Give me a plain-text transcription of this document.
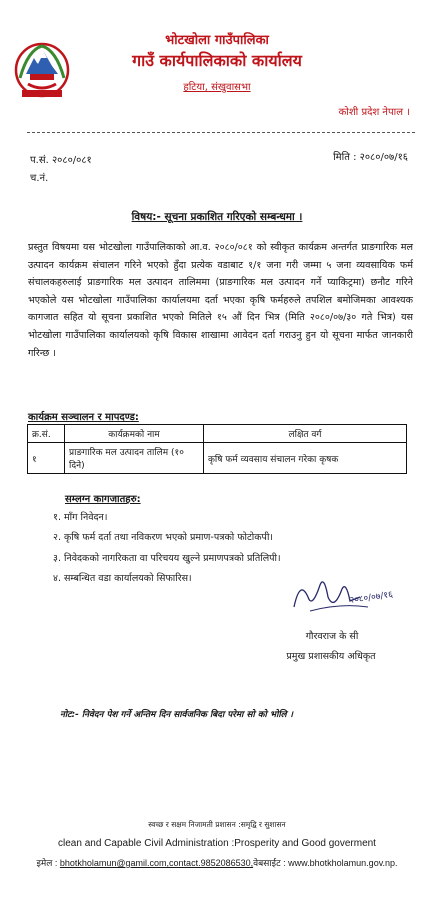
भोटखोला गाउँपालिका
गाउँ कार्यपालिकाको कार्यालय
हटिया, संखुवासभा
कोशी प्रदेश नेपाल ।
प.सं. २०८०/०८१
च.नं.
मिति : २०८०/०७/१६
विषय:- सूचना प्रकाशित गरिएको सम्बन्धमा ।
प्रस्तुत विषयमा यस भोटखोला गाउँपालिकाको आ.व. २०८०/०८१ को स्वीकृत कार्यक्रम अन्तर्गत प्राङगारिक मल उत्पादन कार्यक्रम संचालन गरिने भएको हुँदा प्रत्येक वडाबाट १/१ जना गरी जम्मा ५ जना व्यवसायिक फर्म संचालकहरुलाई प्राङगारिक मल उत्पादन तालिममा (प्राङगारिक मल उत्पादन गर्ने प्याकिट्रमा) छनौट गरिने भएकोले यस भोटखोला गाउँपालिका कार्यालयमा दर्ता भएका कृषि फर्महरुले तपशिल बमोजिमका आवश्यक कागजात सहित यो सूचना प्रकाशित भएको मितिले १५ औं दिन भित्र (मिति २०८०/०७/३० गते भित्र) यस भोटखोला गाउँपालिका कार्यालयको कृषि विकास शाखामा आवेदन दर्ता गराउनु हुन यो सूचना मार्फत जानकारी गरिन्छ ।
कार्यक्रम सञ्चालन र मापदण्ड:
क्र.सं.	कार्यक्रमको नाम	लक्षित वर्ग
१	प्राङगारिक मल उत्पादन तालिम (१० दिने)	कृषि फर्म व्यवसाय संचालन गरेका कृषक
सम्लग्न कागजातहरु:
१. माँग निवेदन।
२. कृषि फर्म दर्ता तथा नविकरण भएको प्रमाण-पत्रको फोटोकपी।
३. निवेदकको नागरिकता वा परिचयय खुल्ने प्रमाणपत्रको प्रतिलिपी।
४. सम्बन्धित वडा कार्यालयको सिफारिस।
२०८०/०७/१६
गौरवराज के सी
प्रमुख प्रशासकीय अधिकृत
नोट:- निवेदन पेश गर्ने अन्तिम दिन सार्वजनिक बिदा परेमा सो को भोलि ।
स्वच्छ र सक्षम निजामती प्रशासन :समृद्वि र सुशासन
clean and Capable Civil Administration :Prosperity and Good goverment
इमेल : bhotkholamun@gamil.com,contact.9852086530,वेबसाईट : www.bhotkholamun.gov.np.
